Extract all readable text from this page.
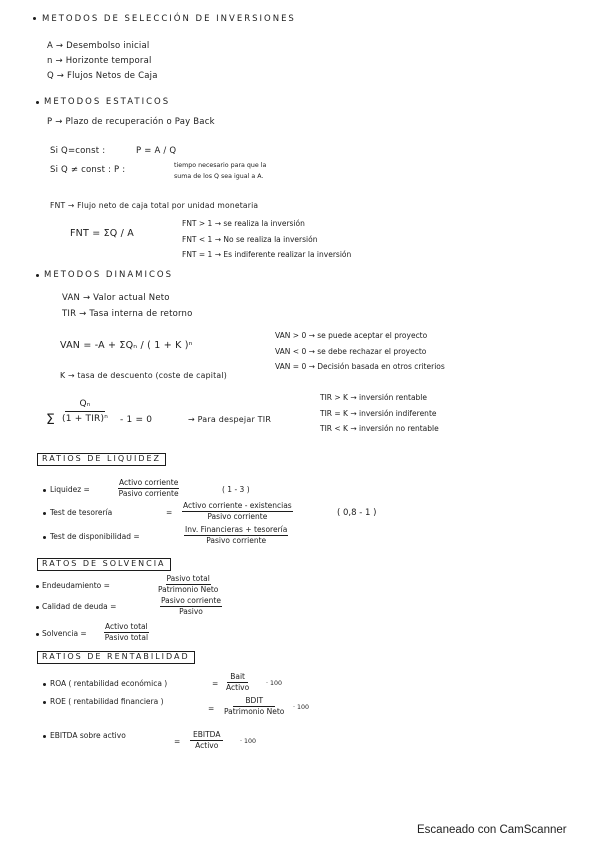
METODOS DE SELECCIÓN DE INVERSIONES
A → Desembolso inicial
n → Horizonte temporal
Q → Flujos Netos de Caja
METODOS ESTATICOS
P → Plazo de recuperación o Pay Back
Si Q=const :	P = A / Q
Si Q ≠ const : P :	tiempo necesario para que la
suma de los Q sea igual a A.
FNT → Flujo neto de caja total por unidad monetaria
FNT = ΣQ / A
FNT > 1 → se realiza la inversión
FNT < 1 → No se realiza la inversión
FNT = 1 → Es indiferente realizar la inversión
METODOS DINAMICOS
VAN → Valor actual Neto
TIR → Tasa interna de retorno
VAN = -A + ΣQₙ / ( 1 + K )ⁿ
VAN > 0 → se puede aceptar el proyecto
VAN < 0 → se debe rechazar el proyecto
VAN = 0 → Decisión basada en otros criterios
K → tasa de descuento (coste de capital)
Σ
Qₙ
(1 + TIR)ⁿ - 1 = 0	→ Para despejar TIR
TIR > K → inversión rentable
TIR = K → inversión indiferente
TIR < K → inversión no rentable
RATIOS DE LIQUIDEZ
Liquidez =
Activo corriente
Pasivo corriente	( 1 - 3 )
Test de tesorería	=
Activo corriente - existencias
Pasivo corriente	( 0,8 - 1 )
Test de disponibilidad =
Inv. Financieras + tesorería
Pasivo corriente
RATOS DE SOLVENCIA
Endeudamiento =
Pasivo total
Patrimonio Neto
Calidad de deuda =
Pasivo corriente
Pasivo
Solvencia =
Activo total
Pasivo total
RATIOS DE RENTABILIDAD
ROA ( rentabilidad económica )	=
Bait
Activo	· 100
ROE ( rentabilidad financiera )
=
BDIT
Patrimonio Neto · 100
EBITDA sobre activo
=
EBITDA
Activo	· 100
Escaneado con CamScanner
